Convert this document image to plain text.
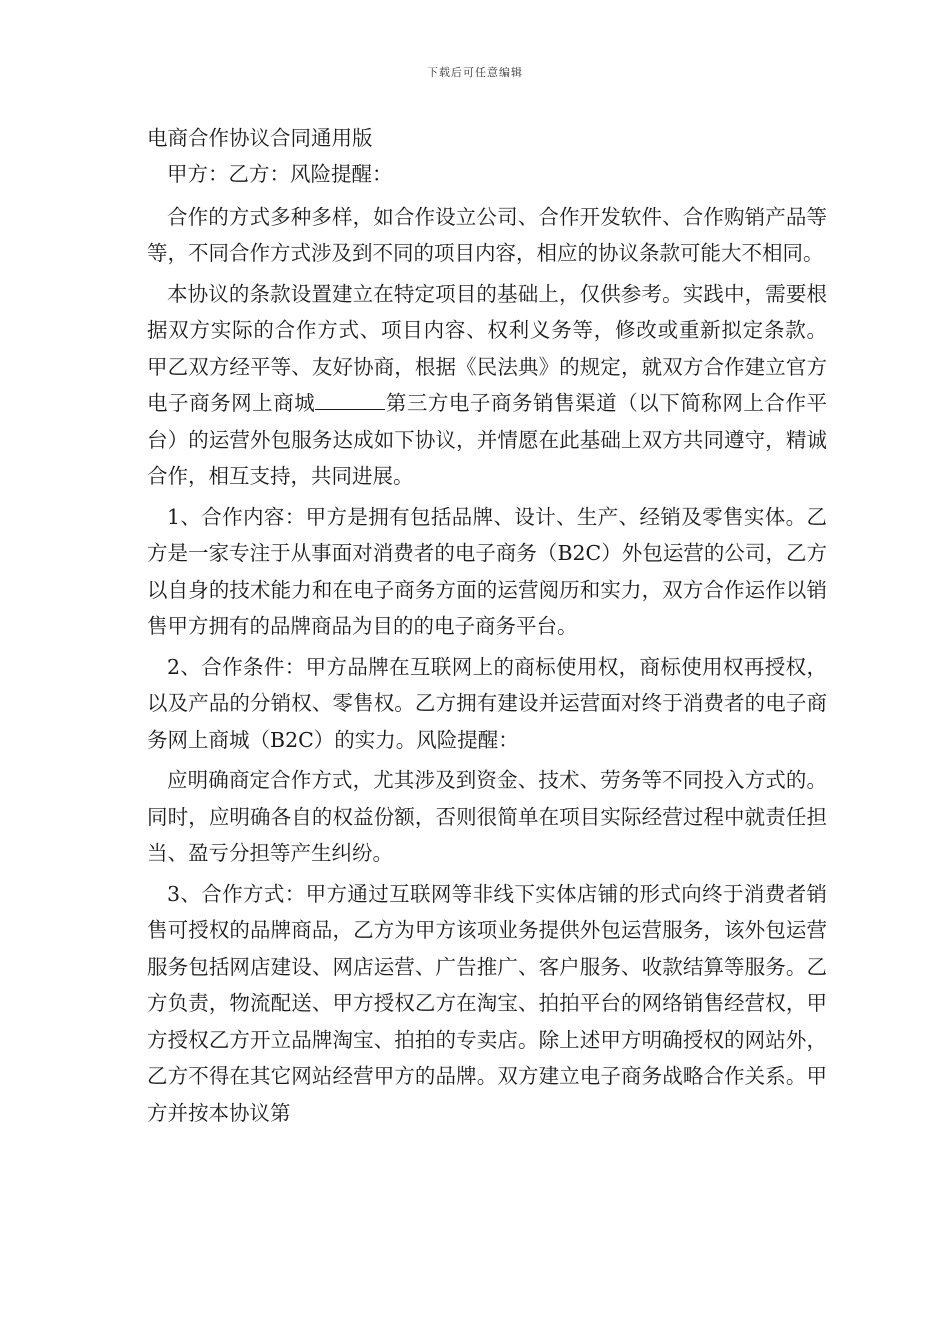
下载后可任意编辑
电商合作协议合同通用版

甲方：乙方：风险提醒：

合作的方式多种多样，如合作设立公司、合作开发软件、合作购销产品等等，不同合作方式涉及到不同的项目内容，相应的协议条款可能大不相同。

本协议的条款设置建立在特定项目的基础上，仅供参考。实践中，需要根据双方实际的合作方式、项目内容、权利义务等，修改或重新拟定条款。 甲乙双方经平等、友好协商，根据《民法典》的规定，就双方合作建立官方电子商务网上商城	第三方电子商务销售渠道（以下简称网上合作平台）的运营外包服务达成如下协议，并情愿在此基础上双方共同遵守，精诚合作，相互支持，共同进展。

1、合作内容：甲方是拥有包括品牌、设计、生产、经销及零售实体。乙方是一家专注于从事面对消费者的电子商务（B2C）外包运营的公司，乙方以自身的技术能力和在电子商务方面的运营阅历和实力，双方合作运作以销售甲方拥有的品牌商品为目的的电子商务平台。

2、合作条件：甲方品牌在互联网上的商标使用权，商标使用权再授权，以及产品的分销权、零售权。乙方拥有建设并运营面对终于消费者的电子商务网上商城（B2C）的实力。风险提醒：

应明确商定合作方式，尤其涉及到资金、技术、劳务等不同投入方式的。同时，应明确各自的权益份额，否则很简单在项目实际经营过程中就责任担当、盈亏分担等产生纠纷。

3、合作方式：甲方通过互联网等非线下实体店铺的形式向终于消费者销售可授权的品牌商品，乙方为甲方该项业务提供外包运营服务，该外包运营服务包括网店建设、网店运营、广告推广、客户服务、收款结算等服务。乙方负责，物流配送、甲方授权乙方在淘宝、拍拍平台的网络销售经营权，甲方授权乙方开立品牌淘宝、拍拍的专卖店。除上述甲方明确授权的网站外，乙方不得在其它网站经营甲方的品牌。双方建立电子商务战略合作关系。甲方并按本协议第
